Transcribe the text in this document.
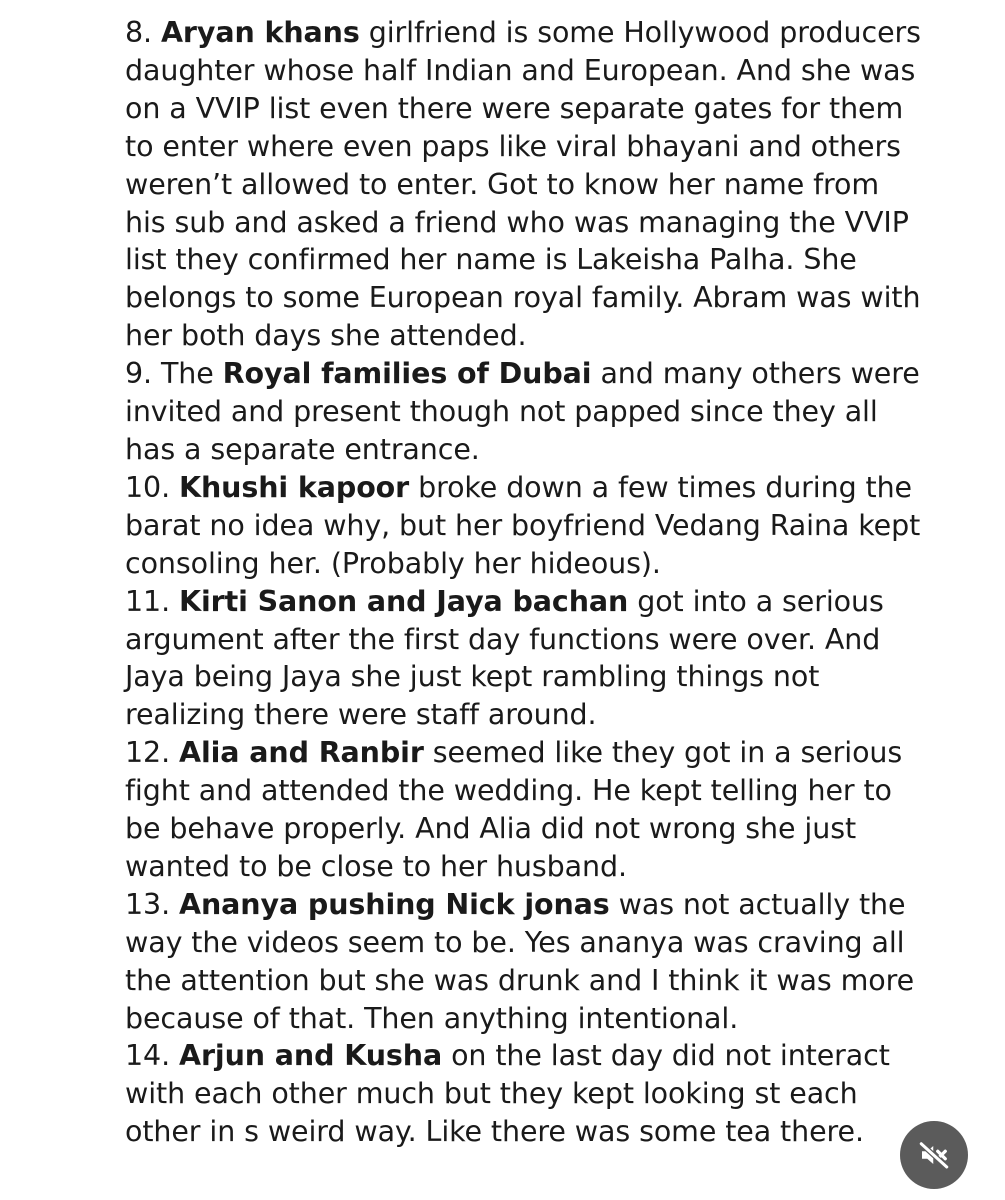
8. Aryan khans girlfriend is some Hollywood producers daughter whose half Indian and European. And she was on a VVIP list even there were separate gates for them to enter where even paps like viral bhayani and others weren’t allowed to enter. Got to know her name from his sub and asked a friend who was managing the VVIP list they confirmed her name is Lakeisha Palha. She belongs to some European royal family. Abram was with her both days she attended.

9. The Royal families of Dubai and many others were invited and present though not papped since they all has a separate entrance.

10. Khushi kapoor broke down a few times during the barat no idea why, but her boyfriend Vedang Raina kept consoling her. (Probably her hideous).

11. Kirti Sanon and Jaya bachan got into a serious argument after the first day functions were over. And Jaya being Jaya she just kept rambling things not realizing there were staff around.

12. Alia and Ranbir seemed like they got in a serious fight and attended the wedding. He kept telling her to be behave properly. And Alia did not wrong she just wanted to be close to her husband.

13. Ananya pushing Nick jonas was not actually the way the videos seem to be. Yes ananya was craving all the attention but she was drunk and I think it was more because of that. Then anything intentional.

14. Arjun and Kusha on the last day did not interact with each other much but they kept looking st each other in s weird way. Like there was some tea there.
